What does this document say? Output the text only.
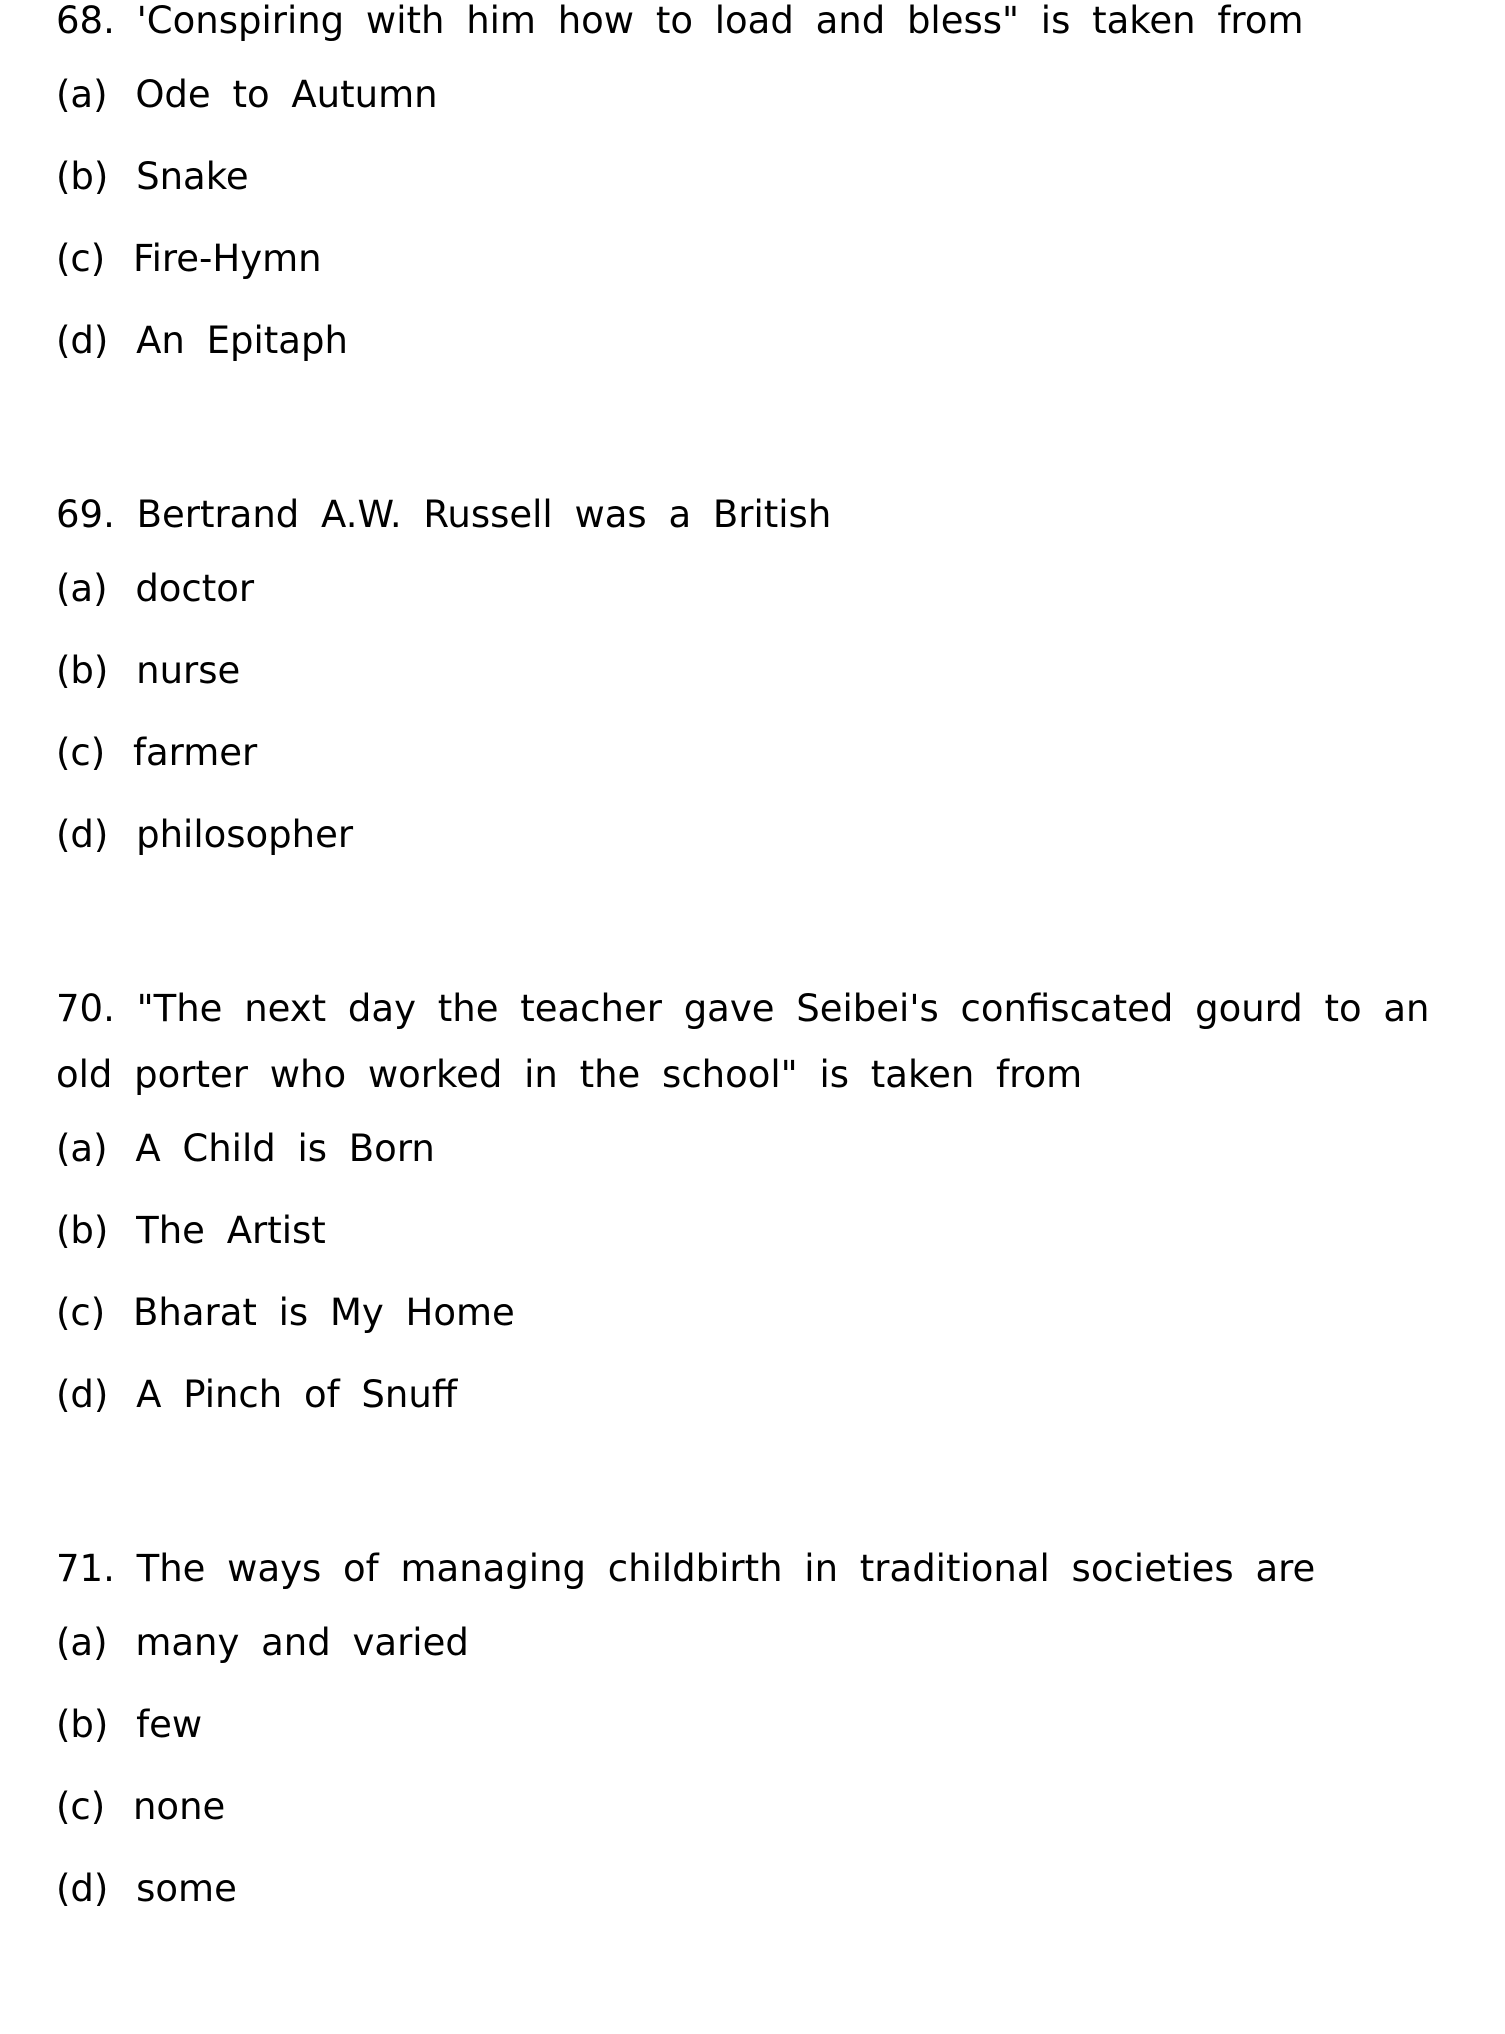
68. 'Conspiring with him how to load and bless" is taken from

(a) Ode to Autumn

(b) Snake

(c) Fire-Hymn

(d) An Epitaph

69. Bertrand A.W. Russell was a British

(a) doctor

(b) nurse

(c) farmer

(d) philosopher

70. "The next day the teacher gave Seibei's confiscated gourd to an old porter who worked in the school" is taken from

(a) A Child is Born

(b) The Artist

(c) Bharat is My Home

(d) A Pinch of Snuff

71. The ways of managing childbirth in traditional societies are

(a) many and varied

(b) few

(c) none

(d) some
